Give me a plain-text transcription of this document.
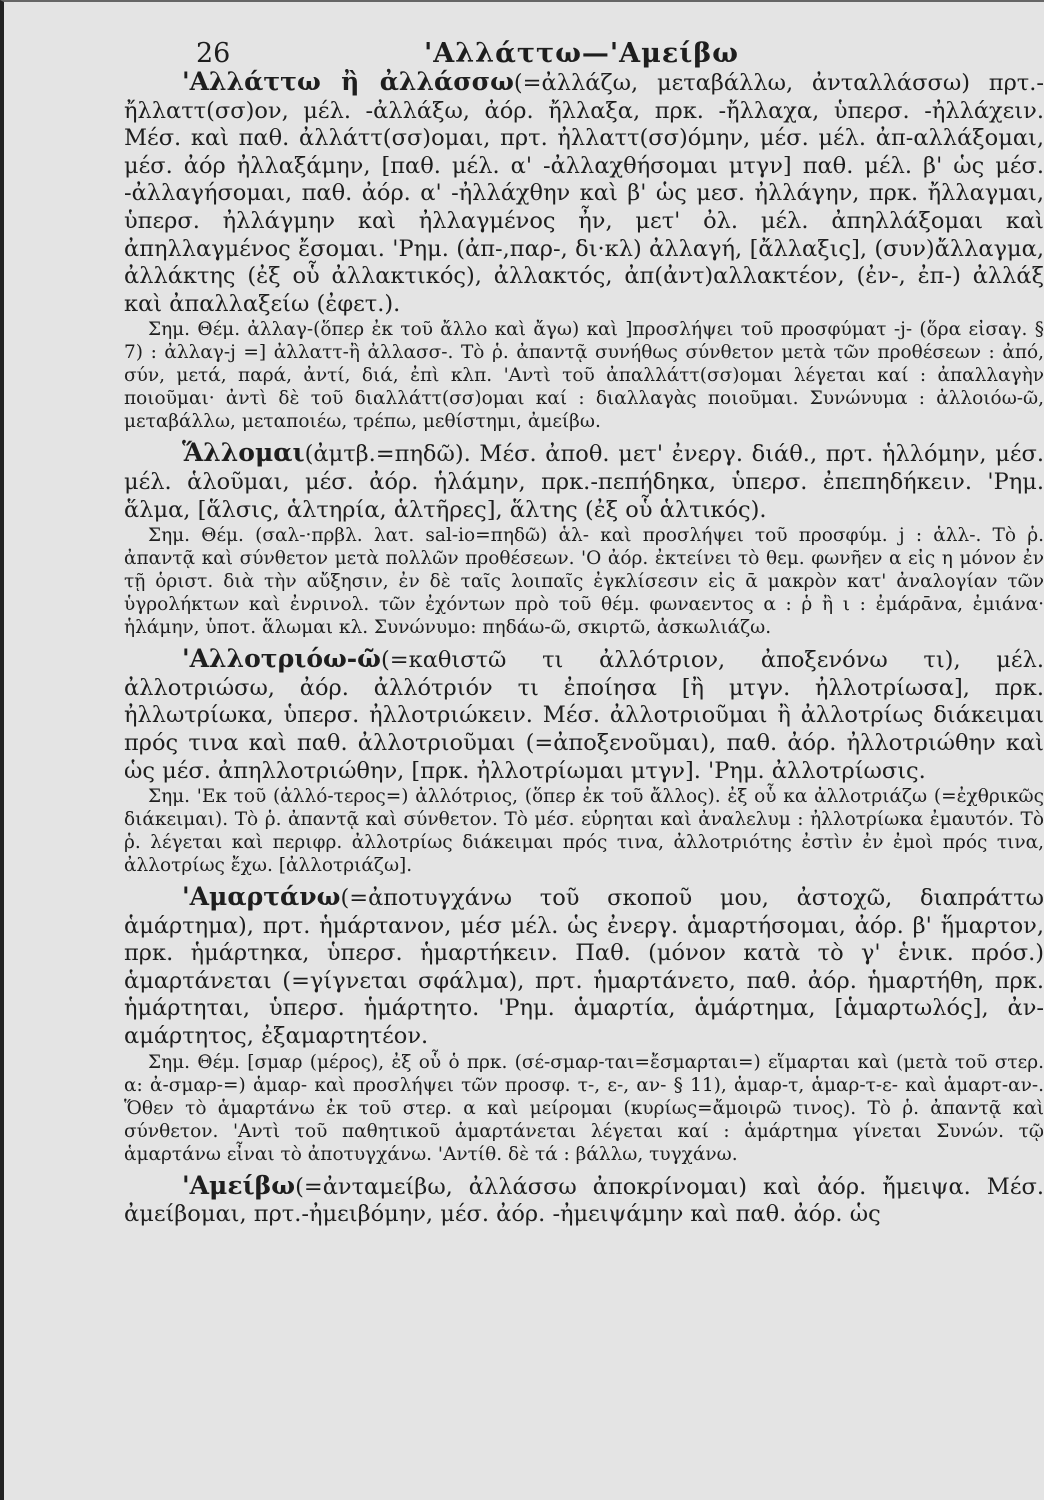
26	'Αλλάττω—'Αμείβω

'Αλλάττω ἢ ἀλλάσσω(=ἀλλάζω, μεταβάλλω, ἀνταλλάσσω) πρτ.-ἤλλαττ(σσ)ον, μέλ. -ἀλλάξω, ἀόρ. ἤλλαξα, πρκ. -ἤλλαχα, ὑπερσ. -ἠλλάχειν. Μέσ. καὶ παθ. ἀλλάττ(σσ)ομαι, πρτ. ἠλλαττ(σσ)όμην, μέσ. μέλ. ἀπ-αλλάξομαι, μέσ. ἀόρ ἠλλαξάμην, [παθ. μέλ. α' -ἀλλαχθήσομαι μτγν] παθ. μέλ. β' ὡς μέσ. -ἀλλαγήσομαι, παθ. ἀόρ. α' -ἠλλάχθην καὶ β' ὡς μεσ. ἠλλάγην, πρκ. ἤλλαγμαι, ὑπερσ. ἠλλάγμην καὶ ἠλλαγμένος ἦν, μετ' ὀλ. μέλ. ἀπηλλάξομαι καὶ ἀπηλλαγμένος ἔσομαι. 'Ρημ. (ἀπ-,παρ-, δι·κλ) ἀλλαγή, [ἄλλαξις], (συν)ἄλλαγμα, ἀλλάκτης (ἐξ οὗ ἀλλακτικός), ἀλλακτός, ἀπ(ἀντ)αλλακτέον, (ἐν-, ἐπ-) ἀλλάξ καὶ ἀπαλλαξείω (ἐφετ.).

Σημ. Θέμ. ἀλλαγ-(ὅπερ ἐκ τοῦ ἄλλο καὶ ἄγω) καὶ ]προσλήψει τοῦ προσφύματ -j- (ὅρα εἰσαγ. § 7) : ἀλλαγ-j =] ἀλλαττ-ἢ ἀλλασσ-. Τὸ ῥ. ἀπαντᾷ συνήθως σύνθετον μετὰ τῶν προθέσεων : ἀπό, σύν, μετά, παρά, ἀντί, διά, ἐπὶ κλπ. 'Αντὶ τοῦ ἀπαλλάττ(σσ)ομαι λέγεται καί : ἀπαλλαγὴν ποιοῦμαι· ἀντὶ δὲ τοῦ διαλλάττ(σσ)ομαι καί : διαλλαγὰς ποιοῦμαι. Συνώνυμα : ἀλλοιόω-ῶ, μεταβάλλω, μεταποιέω, τρέπω, μεθίστημι, ἀμείβω.

Ἅλλομαι(ἀμτβ.=πηδῶ). Μέσ. ἀποθ. μετ' ἐνεργ. διάθ., πρτ. ἡλλόμην, μέσ. μέλ. ἁλοῦμαι, μέσ. ἀόρ. ἡλάμην, πρκ.-πεπήδηκα, ὑπερσ. ἐπεπηδήκειν. 'Ρημ. ἅλμα, [ἅλσις, ἁλτηρία, ἁλτῆρες], ἅλτης (ἐξ οὗ ἁλτικός).

Σημ. Θέμ. (σαλ-·πρβλ. λατ. sal-io=πηδῶ) ἁλ- καὶ προσλήψει τοῦ προσφύμ. j : ἁλλ-. Τὸ ῥ. ἀπαντᾷ καὶ σύνθετον μετὰ πολλῶν προθέσεων. 'Ο ἀόρ. ἐκτείνει τὸ θεμ. φωνῆεν α εἰς η μόνον ἐν τῇ ὁριστ. διὰ τὴν αὔξησιν, ἐν δὲ ταῖς λοιπαῖς ἐγκλίσεσιν εἰς ᾱ μακρὸν κατ' ἀναλογίαν τῶν ὑγρολήκτων καὶ ἐνρινολ. τῶν ἐχόντων πρὸ τοῦ θέμ. φωναεντος α : ῥ ἢ ι : ἐμάρᾱνα, ἐμιάνα· ἡλάμην, ὑποτ. ἅλωμαι κλ. Συνώνυμο: πηδάω-ῶ, σκιρτῶ, ἀσκωλιάζω.

'Αλλοτριόω-ῶ(=καθιστῶ τι ἀλλότριον, ἀποξενόνω τι), μέλ. ἀλλοτριώσω, ἀόρ. ἀλλότριόν τι ἐποίησα [ἢ μτγν. ἠλλοτρίωσα], πρκ. ἠλλωτρίωκα, ὑπερσ. ἠλλοτριώκειν. Μέσ. ἀλλοτριοῦμαι ἢ ἀλλοτρίως διάκειμαι πρός τινα καὶ παθ. ἀλλοτριοῦμαι (=ἀποξενοῦμαι), παθ. ἀόρ. ἠλλοτριώθην καὶ ὡς μέσ. ἀπηλλοτριώθην, [πρκ. ἠλλοτρίωμαι μτγν]. 'Ρημ. ἀλλοτρίωσις.

Σημ. 'Εκ τοῦ (ἀλλό-τερος=) ἀλλότριος, (ὅπερ ἐκ τοῦ ἄλλος). ἐξ οὗ κα ἀλλοτριάζω (=ἐχθρικῶς διάκειμαι). Τὸ ῥ. ἀπαντᾷ καὶ σύνθετον. Τὸ μέσ. εὑρηται καὶ ἀναλελυμ : ἠλλοτρίωκα ἐμαυτόν. Τὸ ῥ. λέγεται καὶ περιφρ. ἀλλοτρίως διάκειμαι πρός τινα, ἀλλοτριότης ἐστὶν ἐν ἐμοὶ πρός τινα, ἀλλοτρίως ἔχω. [ἀλλοτριάζω].

'Αμαρτάνω(=ἀποτυγχάνω τοῦ σκοποῦ μου, ἀστοχῶ, διαπράττω ἁμάρτημα), πρτ. ἡμάρτανον, μέσ μέλ. ὡς ἐνεργ. ἁμαρτήσομαι, ἀόρ. β' ἥμαρτον, πρκ. ἡμάρτηκα, ὑπερσ. ἡμαρτήκειν. Παθ. (μόνον κατὰ τὸ γ' ἑνικ. πρόσ.) ἁμαρτάνεται (=γίγνεται σφάλμα), πρτ. ἡμαρτάνετο, παθ. ἀόρ. ἡμαρτήθη, πρκ. ἡμάρτηται, ὑπερσ. ἡμάρτητο. 'Ρημ. ἁμαρτία, ἁμάρτημα, [ἁμαρτωλός], ἀν-αμάρτητος, ἐξαμαρτητέον.

Σημ. Θέμ. [σμαρ (μέρος), ἐξ οὗ ὁ πρκ. (σέ-σμαρ-ται=ἔσμαρται=) εἵμαρται καὶ (μετὰ τοῦ στερ. α: ἀ-σμαρ-=) ἁμαρ- καὶ προσλήψει τῶν προσφ. τ-, ε-, αν- § 11), ἁμαρ-τ, ἁμαρ-τ-ε- καὶ ἁμαρτ-αν-. Ὅθεν τὸ ἁμαρτάνω ἐκ τοῦ στερ. α καὶ μείρομαι (κυρίως=ἄμοιρῶ τινος). Τὸ ῥ. ἀπαντᾷ καὶ σύνθετον. 'Αντὶ τοῦ παθητικοῦ ἁμαρτάνεται λέγεται καί : ἁμάρτημα γίνεται Συνών. τῷ ἁμαρτάνω εἶναι τὸ ἀποτυγχάνω. 'Αντίθ. δὲ τά : βάλλω, τυγχάνω.

'Αμείβω(=ἀνταμείβω, ἀλλάσσω ἀποκρίνομαι) καὶ ἀόρ. ἤμειψα. Μέσ. ἀμείβομαι, πρτ.-ἠμειβόμην, μέσ. ἀόρ. -ἠμειψάμην καὶ παθ. ἀόρ. ὡς
